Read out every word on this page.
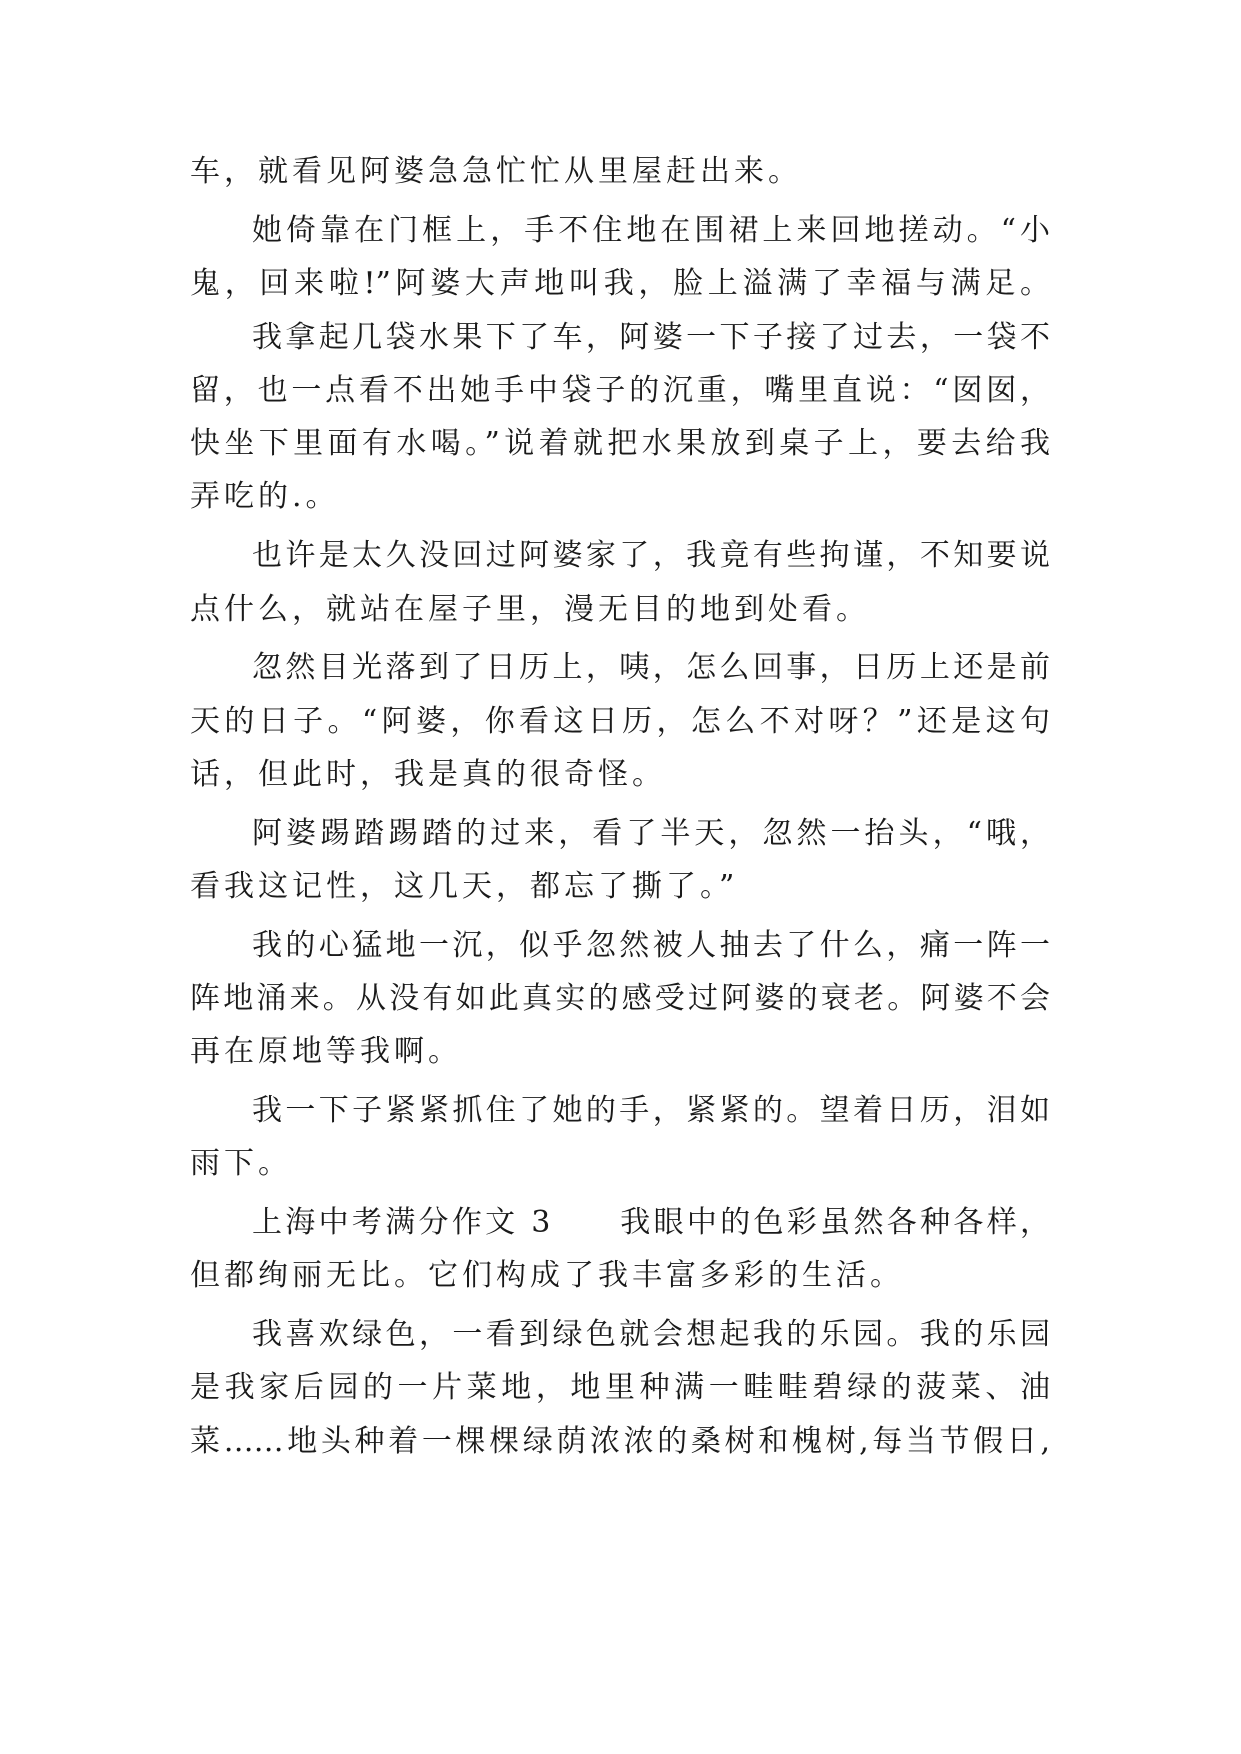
车，就看见阿婆急急忙忙从里屋赶出来。
她倚靠在门框上，手不住地在围裙上来回地搓动。“小
鬼，回来啦!”阿婆大声地叫我，脸上溢满了幸福与满足。
我拿起几袋水果下了车，阿婆一下子接了过去，一袋不
留，也一点看不出她手中袋子的沉重，嘴里直说：“囡囡，
快坐下里面有水喝。”说着就把水果放到桌子上，要去给我
弄吃的.。
也许是太久没回过阿婆家了，我竟有些拘谨，不知要说
点什么，就站在屋子里，漫无目的地到处看。
忽然目光落到了日历上，咦，怎么回事，日历上还是前
天的日子。“阿婆，你看这日历，怎么不对呀？”还是这句
话，但此时，我是真的很奇怪。
阿婆踢踏踢踏的过来，看了半天，忽然一抬头，“哦，
看我这记性，这几天，都忘了撕了。”
我的心猛地一沉，似乎忽然被人抽去了什么，痛一阵一
阵地涌来。从没有如此真实的感受过阿婆的衰老。阿婆不会
再在原地等我啊。
我一下子紧紧抓住了她的手，紧紧的。望着日历，泪如
雨下。
上海中考满分作文 3　　我眼中的色彩虽然各种各样，
但都绚丽无比。它们构成了我丰富多彩的生活。
我喜欢绿色，一看到绿色就会想起我的乐园。我的乐园
是我家后园的一片菜地，地里种满一畦畦碧绿的菠菜、油
菜……地头种着一棵棵绿荫浓浓的桑树和槐树,每当节假日,
